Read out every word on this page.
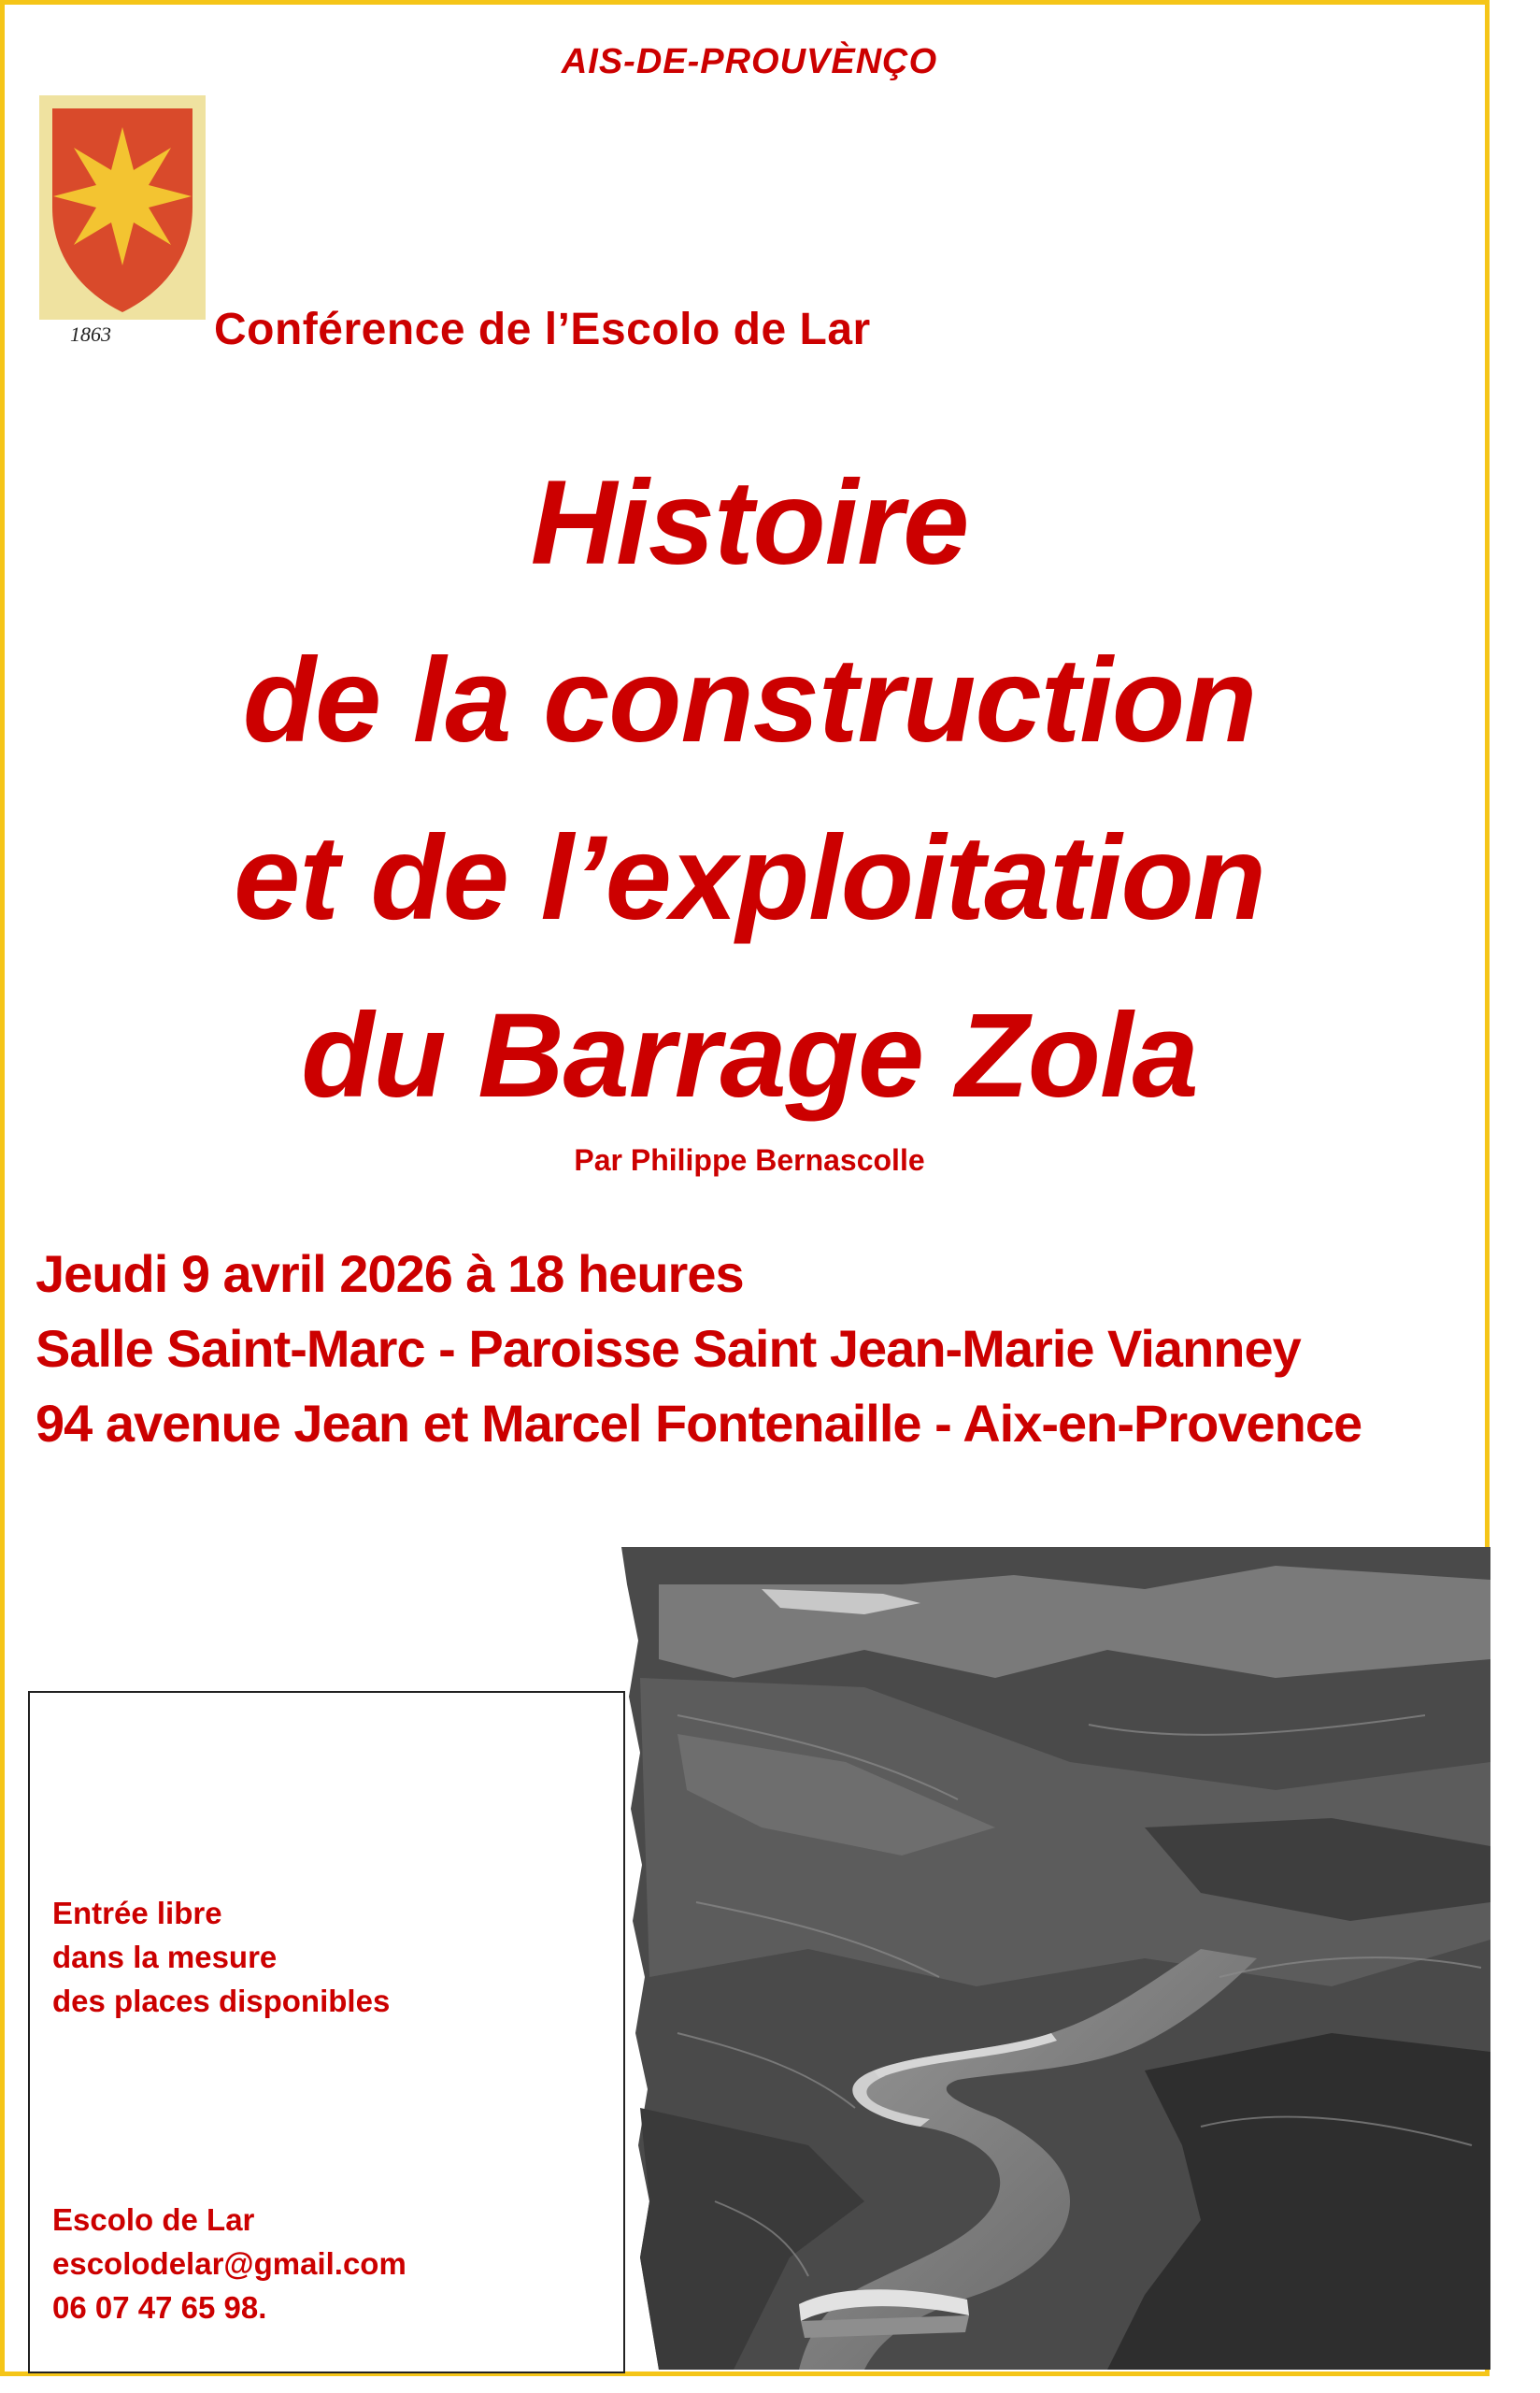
AIS-DE-PROUVÈNÇO
1863	Conférence de l’Escolo de Lar
Histoire
de la construction
et de l’exploitation
du Barrage Zola
Par Philippe Bernascolle
Jeudi 9 avril 2026 à 18 heures
Salle Saint-Marc - Paroisse Saint Jean-Marie Vianney
94 avenue Jean et Marcel Fontenaille - Aix-en-Provence
Entrée libre
dans la mesure
des places disponibles
Escolo de Lar
escolodelar@gmail.com
06 07 47 65 98.
